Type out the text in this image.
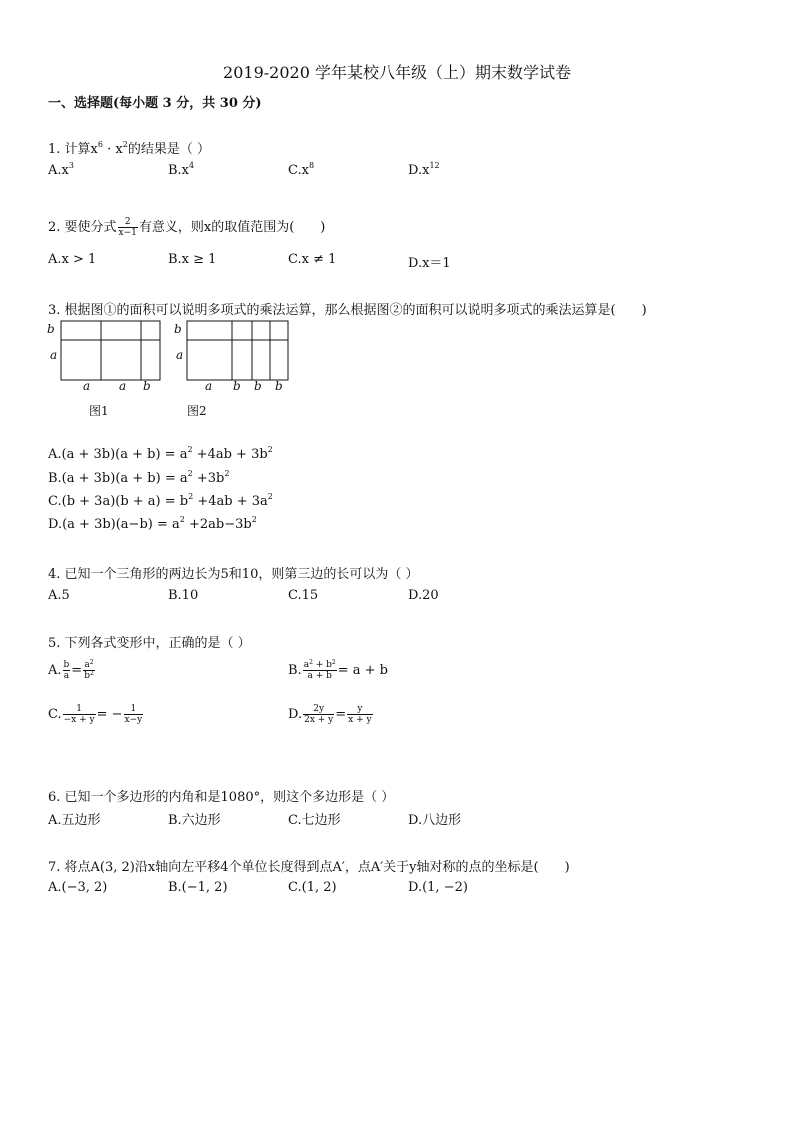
2019-2020 学年某校八年级（上）期末数学试卷
一、选择题(每小题 3 分，共 30 分)
1. 计算$x^6 \cdot x^2$的结果是（ ）
$A.x^3$	$B.x^4$	$C.x^8$	$D.x^{12}$
2. 要使分式 $\frac{2}{x-1}$ 有意义，则x的取值范围为(　　)
A.x > 1	B.x ≥ 1	C.x ≠ 1	D.x＝1
3. 根据图①的面积可以说明多项式的乘法运算，那么根据图②的面积可以说明多项式的乘法运算是(　　)
b
a
a a b
图1
b
a
a b b b
图2
$A.(a + 3b)(a + b) = a^2 +4ab + 3b^2$
$B.(a + 3b)(a + b) = a^2 +3b^2$
$C.(b + 3a)(b + a) = b^2 +4ab + 3a^2$
$D.(a + 3b)(a-b) = a^2 +2ab-3b^2$
4. 已知一个三角形的两边长为5和10，则第三边的长可以为（ ）
A.5	B.10	C.15	D.20
5. 下列各式变形中，正确的是（ ）
A. $\frac{b}{a} = \frac{a^2}{b^2}$	B. $\frac{a^2 + b^2}{a + b} = a + b$
C. $\frac{1}{-x + y}$ = − $\frac{1}{x-y}$	D. $\frac{2y}{2x + y} = \frac{y}{x + y}$
6. 已知一个多边形的内角和是1080°，则这个多边形是（ ）
A.五边形	B.六边形	C.七边形	D.八边形
7. 将点A(3, 2)沿x轴向左平移4个单位长度得到点A′，点A′关于y轴对称的点的坐标是(　　)
A.(−3, 2)	B.(−1, 2)	C.(1, 2)	D.(1, −2)
